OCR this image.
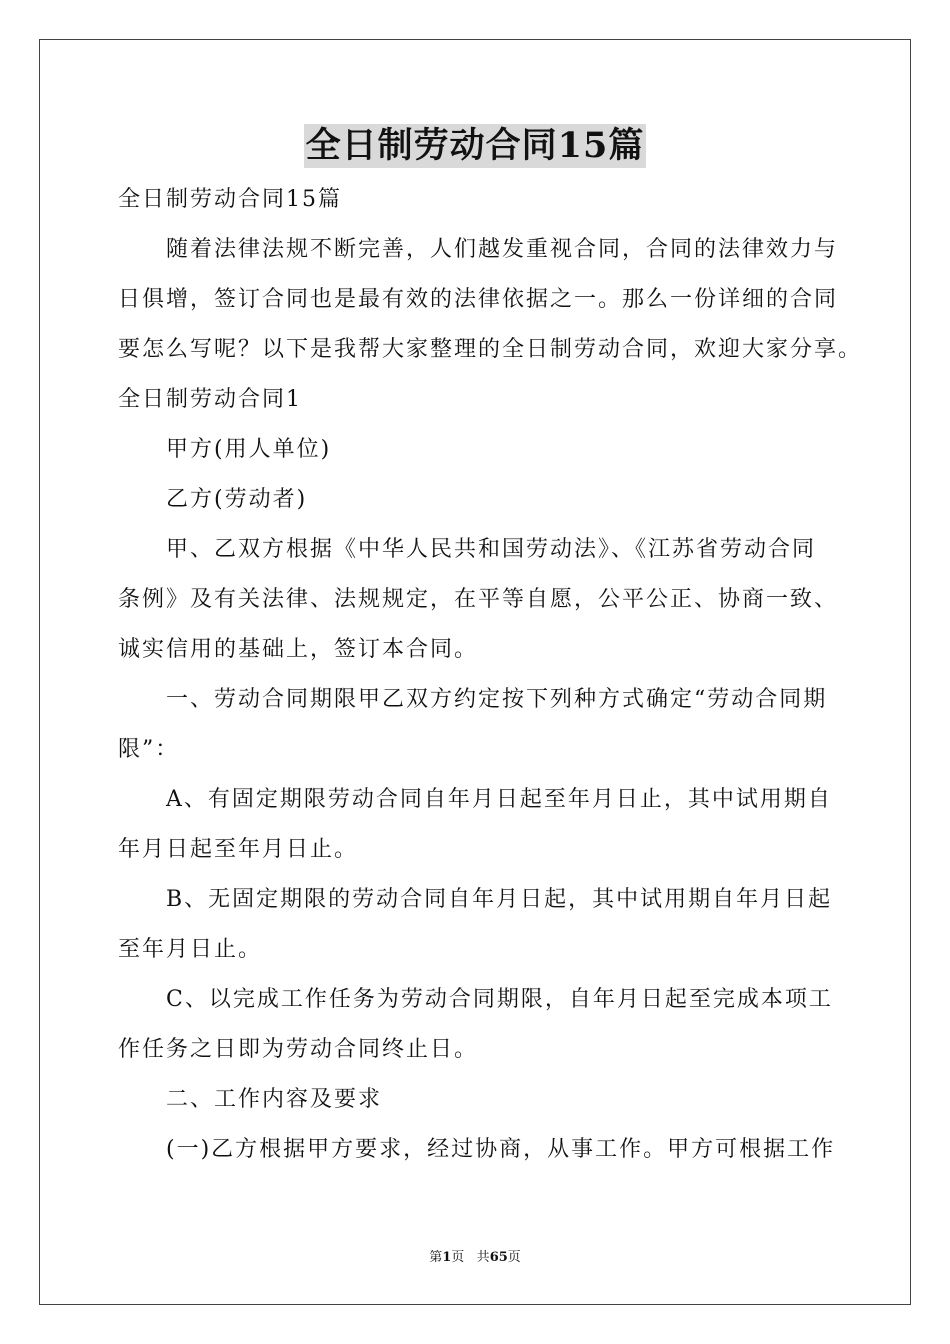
全日制劳动合同15篇
全日制劳动合同15篇
随着法律法规不断完善，人们越发重视合同，合同的法律效力与
日俱增，签订合同也是最有效的法律依据之一。那么一份详细的合同
要怎么写呢？以下是我帮大家整理的全日制劳动合同，欢迎大家分享。
全日制劳动合同1
甲方(用人单位)
乙方(劳动者)
甲、乙双方根据《中华人民共和国劳动法》、《江苏省劳动合同
条例》及有关法律、法规规定，在平等自愿，公平公正、协商一致、
诚实信用的基础上，签订本合同。
一、劳动合同期限甲乙双方约定按下列种方式确定“劳动合同期
限”：
A、有固定期限劳动合同自年月日起至年月日止，其中试用期自
年月日起至年月日止。
B、无固定期限的劳动合同自年月日起，其中试用期自年月日起
至年月日止。
C、以完成工作任务为劳动合同期限，自年月日起至完成本项工
作任务之日即为劳动合同终止日。
二、工作内容及要求
(一)乙方根据甲方要求，经过协商，从事工作。甲方可根据工作
第1页 共65页
